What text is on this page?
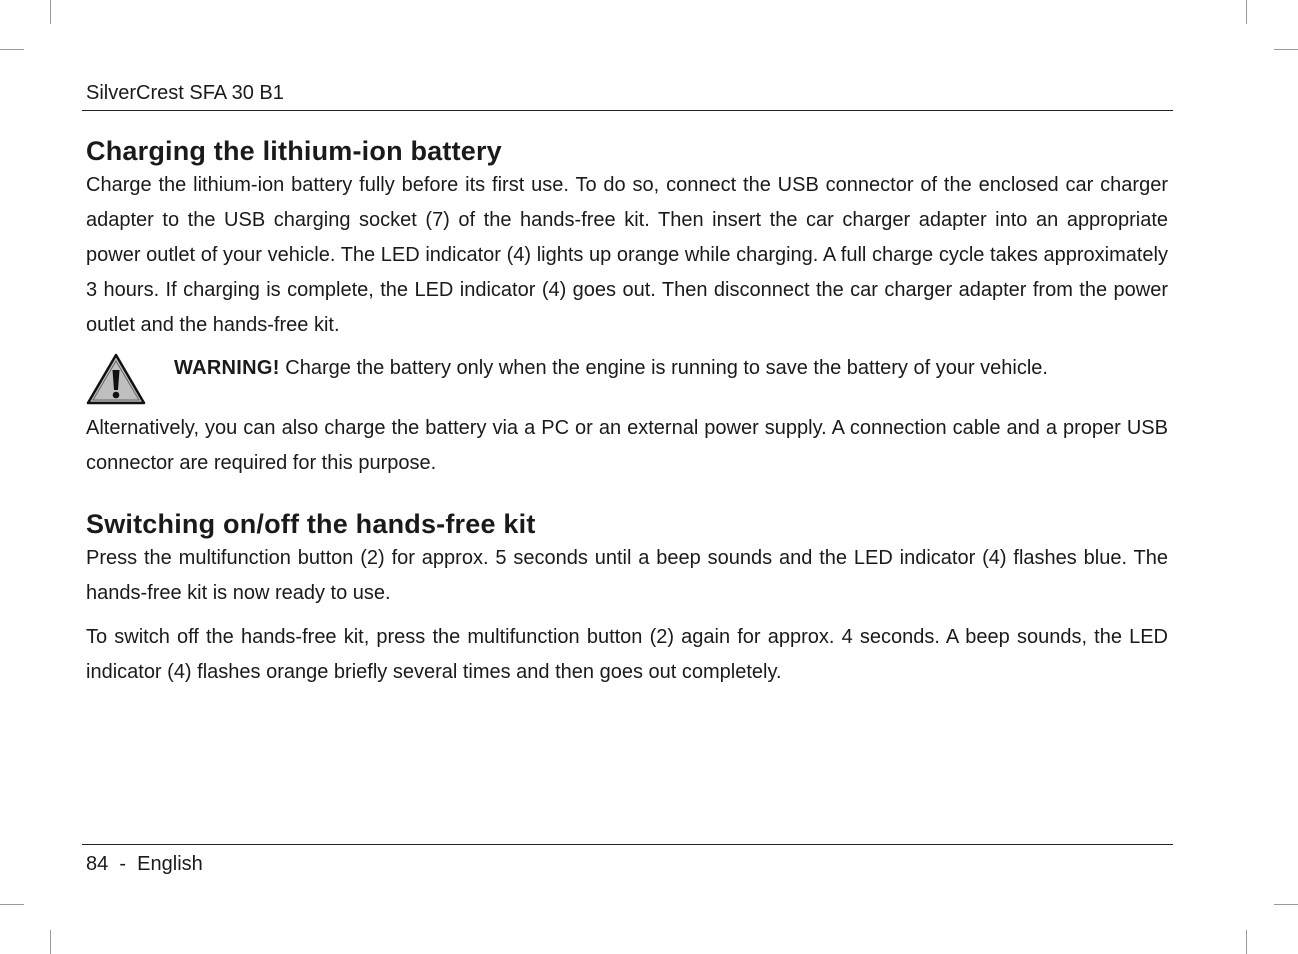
SilverCrest SFA 30 B1
Charging the lithium-ion battery

Charge the lithium-ion battery fully before its first use. To do so, connect the USB connector of the enclosed car charger adapter to the USB charging socket (7) of the hands-free kit. Then insert the car charger adapter into an appropriate power outlet of your vehicle. The LED indicator (4) lights up orange while charging. A full charge cycle takes approximately 3 hours. If charging is complete, the LED indicator (4) goes out. Then disconnect the car charger adapter from the power outlet and the hands-free kit.

WARNING! Charge the battery only when the engine is running to save the battery of your vehicle.

Alternatively, you can also charge the battery via a PC or an external power supply. A connection cable and a proper USB connector are required for this purpose.

Switching on/off the hands-free kit

Press the multifunction button (2) for approx. 5 seconds until a beep sounds and the LED indicator (4) flashes blue. The hands-free kit is now ready to use.

To switch off the hands-free kit, press the multifunction button (2) again for approx. 4 seconds. A beep sounds, the LED indicator (4) flashes orange briefly several times and then goes out completely.

84 - English
